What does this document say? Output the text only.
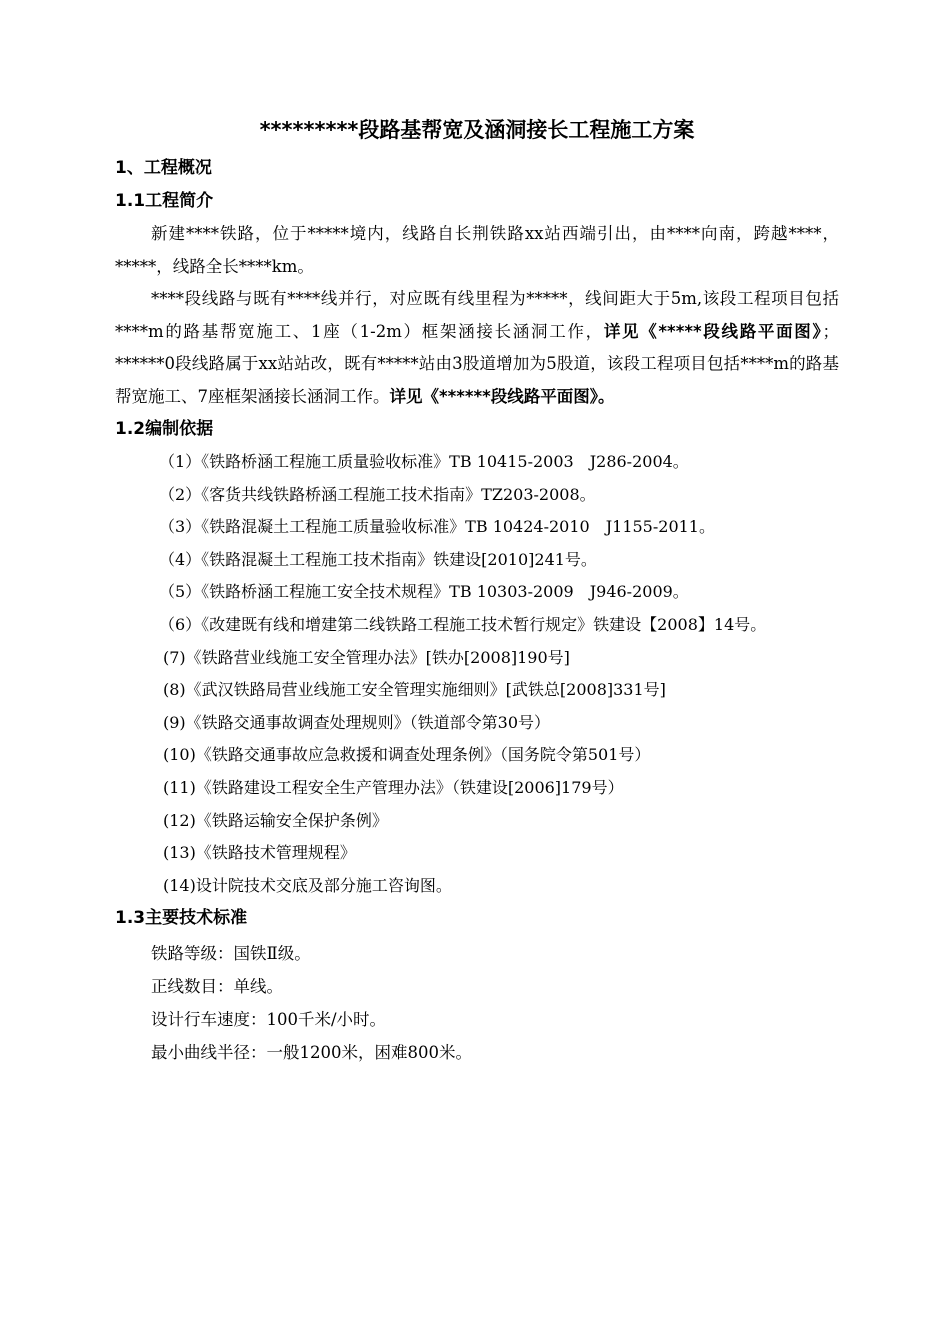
*********段路基帮宽及涵洞接长工程施工方案
1、工程概况
1.1工程简介

新建****铁路，位于*****境内，线路自长荆铁路xx站西端引出，由****向南，跨越****，*****，线路全长****km。

****段线路与既有****线并行，对应既有线里程为*****，线间距大于5m,该段工程项目包括****m的路基帮宽施工、1座（1-2m）框架涵接长涵洞工作，详见《*****段线路平面图》；******0段线路属于xx站站改，既有*****站由3股道增加为5股道，该段工程项目包括****m的路基帮宽施工、7座框架涵接长涵洞工作。详见《******段线路平面图》。

1.2编制依据

（1）《铁路桥涵工程施工质量验收标准》TB 10415-2003　J286-2004。

（2）《客货共线铁路桥涵工程施工技术指南》TZ203-2008。

（3）《铁路混凝土工程施工质量验收标准》TB 10424-2010　J1155-2011。

（4）《铁路混凝土工程施工技术指南》铁建设[2010]241号。

（5）《铁路桥涵工程施工安全技术规程》TB 10303-2009　J946-2009。

（6）《改建既有线和增建第二线铁路工程施工技术暂行规定》铁建设【2008】14号。

(7)《铁路营业线施工安全管理办法》[铁办[2008]190号]

(8)《武汉铁路局营业线施工安全管理实施细则》[武铁总[2008]331号]

(9)《铁路交通事故调查处理规则》（铁道部令第30号）

(10)《铁路交通事故应急救援和调查处理条例》（国务院令第501号）

(11)《铁路建设工程安全生产管理办法》（铁建设[2006]179号）

(12)《铁路运输安全保护条例》

(13)《铁路技术管理规程》

(14)设计院技术交底及部分施工咨询图。

1.3主要技术标准

铁路等级：国铁Ⅱ级。

正线数目：单线。

设计行车速度：100千米/小时。

最小曲线半径：一般1200米，困难800米。
